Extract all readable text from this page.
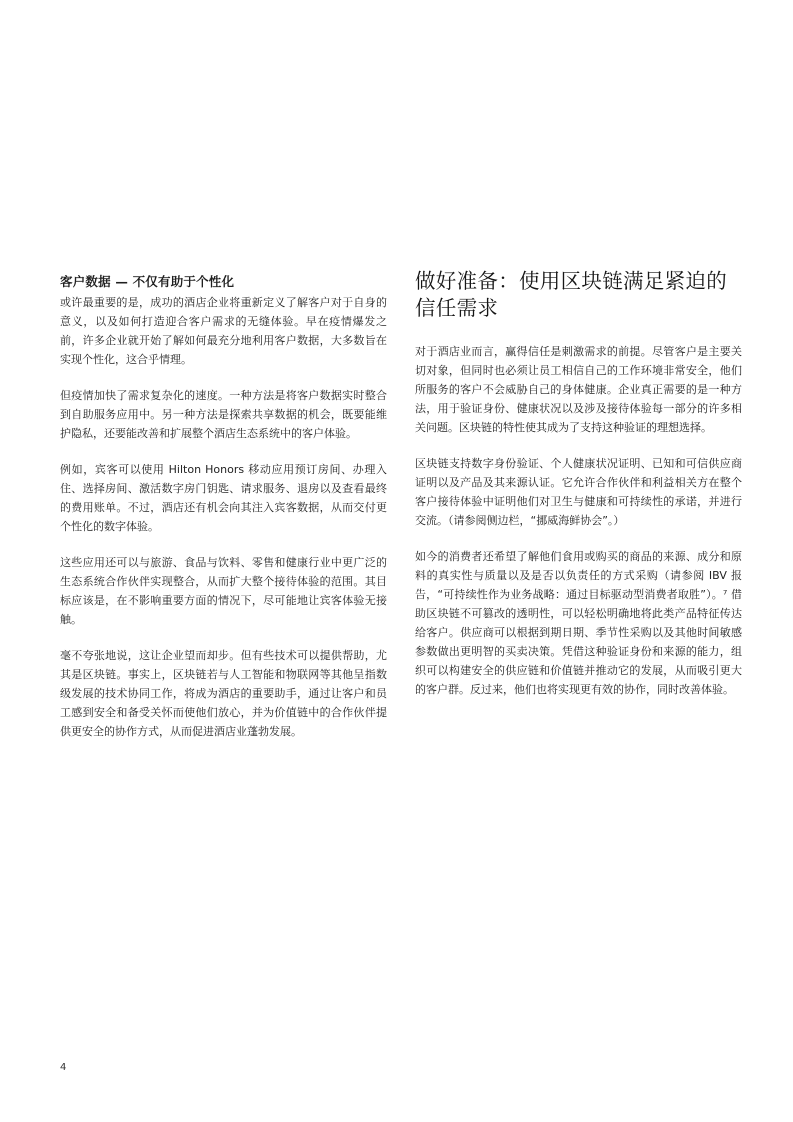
客户数据 — 不仅有助于个性化

或许最重要的是，成功的酒店企业将重新定义了解客户对于自身的意义，以及如何打造迎合客户需求的无缝体验。早在疫情爆发之前，许多企业就开始了解如何最充分地利用客户数据，大多数旨在实现个性化，这合乎情理。

但疫情加快了需求复杂化的速度。一种方法是将客户数据实时整合到自助服务应用中。另一种方法是探索共享数据的机会，既要能维护隐私，还要能改善和扩展整个酒店生态系统中的客户体验。

例如，宾客可以使用 Hilton Honors 移动应用预订房间、办理入住、选择房间、激活数字房门钥匙、请求服务、退房以及查看最终的费用账单。不过，酒店还有机会向其注入宾客数据，从而交付更个性化的数字体验。

这些应用还可以与旅游、食品与饮料、零售和健康行业中更广泛的生态系统合作伙伴实现整合，从而扩大整个接待体验的范围。其目标应该是，在不影响重要方面的情况下，尽可能地让宾客体验无接触。

毫不夸张地说，这让企业望而却步。但有些技术可以提供帮助，尤其是区块链。事实上，区块链若与人工智能和物联网等其他呈指数级发展的技术协同工作，将成为酒店的重要助手，通过让客户和员工感到安全和备受关怀而使他们放心，并为价值链中的合作伙伴提供更安全的协作方式，从而促进酒店业蓬勃发展。

做好准备：使用区块链满足紧迫的信任需求

对于酒店业而言，赢得信任是刺激需求的前提。尽管客户是主要关切对象，但同时也必须让员工相信自己的工作环境非常安全，他们所服务的客户不会威胁自己的身体健康。企业真正需要的是一种方法，用于验证身份、健康状况以及涉及接待体验每一部分的许多相关问题。区块链的特性使其成为了支持这种验证的理想选择。

区块链支持数字身份验证、个人健康状况证明、已知和可信供应商证明以及产品及其来源认证。它允许合作伙伴和利益相关方在整个客户接待体验中证明他们对卫生与健康和可持续性的承诺，并进行交流。（请参阅侧边栏，“挪威海鲜协会”。）

如今的消费者还希望了解他们食用或购买的商品的来源、成分和原料的真实性与质量以及是否以负责任的方式采购（请参阅 IBV 报告，“可持续性作为业务战略：通过目标驱动型消费者取胜”）。⁷ 借助区块链不可篡改的透明性，可以轻松明确地将此类产品特征传达给客户。供应商可以根据到期日期、季节性采购以及其他时间敏感参数做出更明智的买卖决策。凭借这种验证身份和来源的能力，组织可以构建安全的供应链和价值链并推动它的发展，从而吸引更大的客户群。反过来，他们也将实现更有效的协作，同时改善体验。

4
